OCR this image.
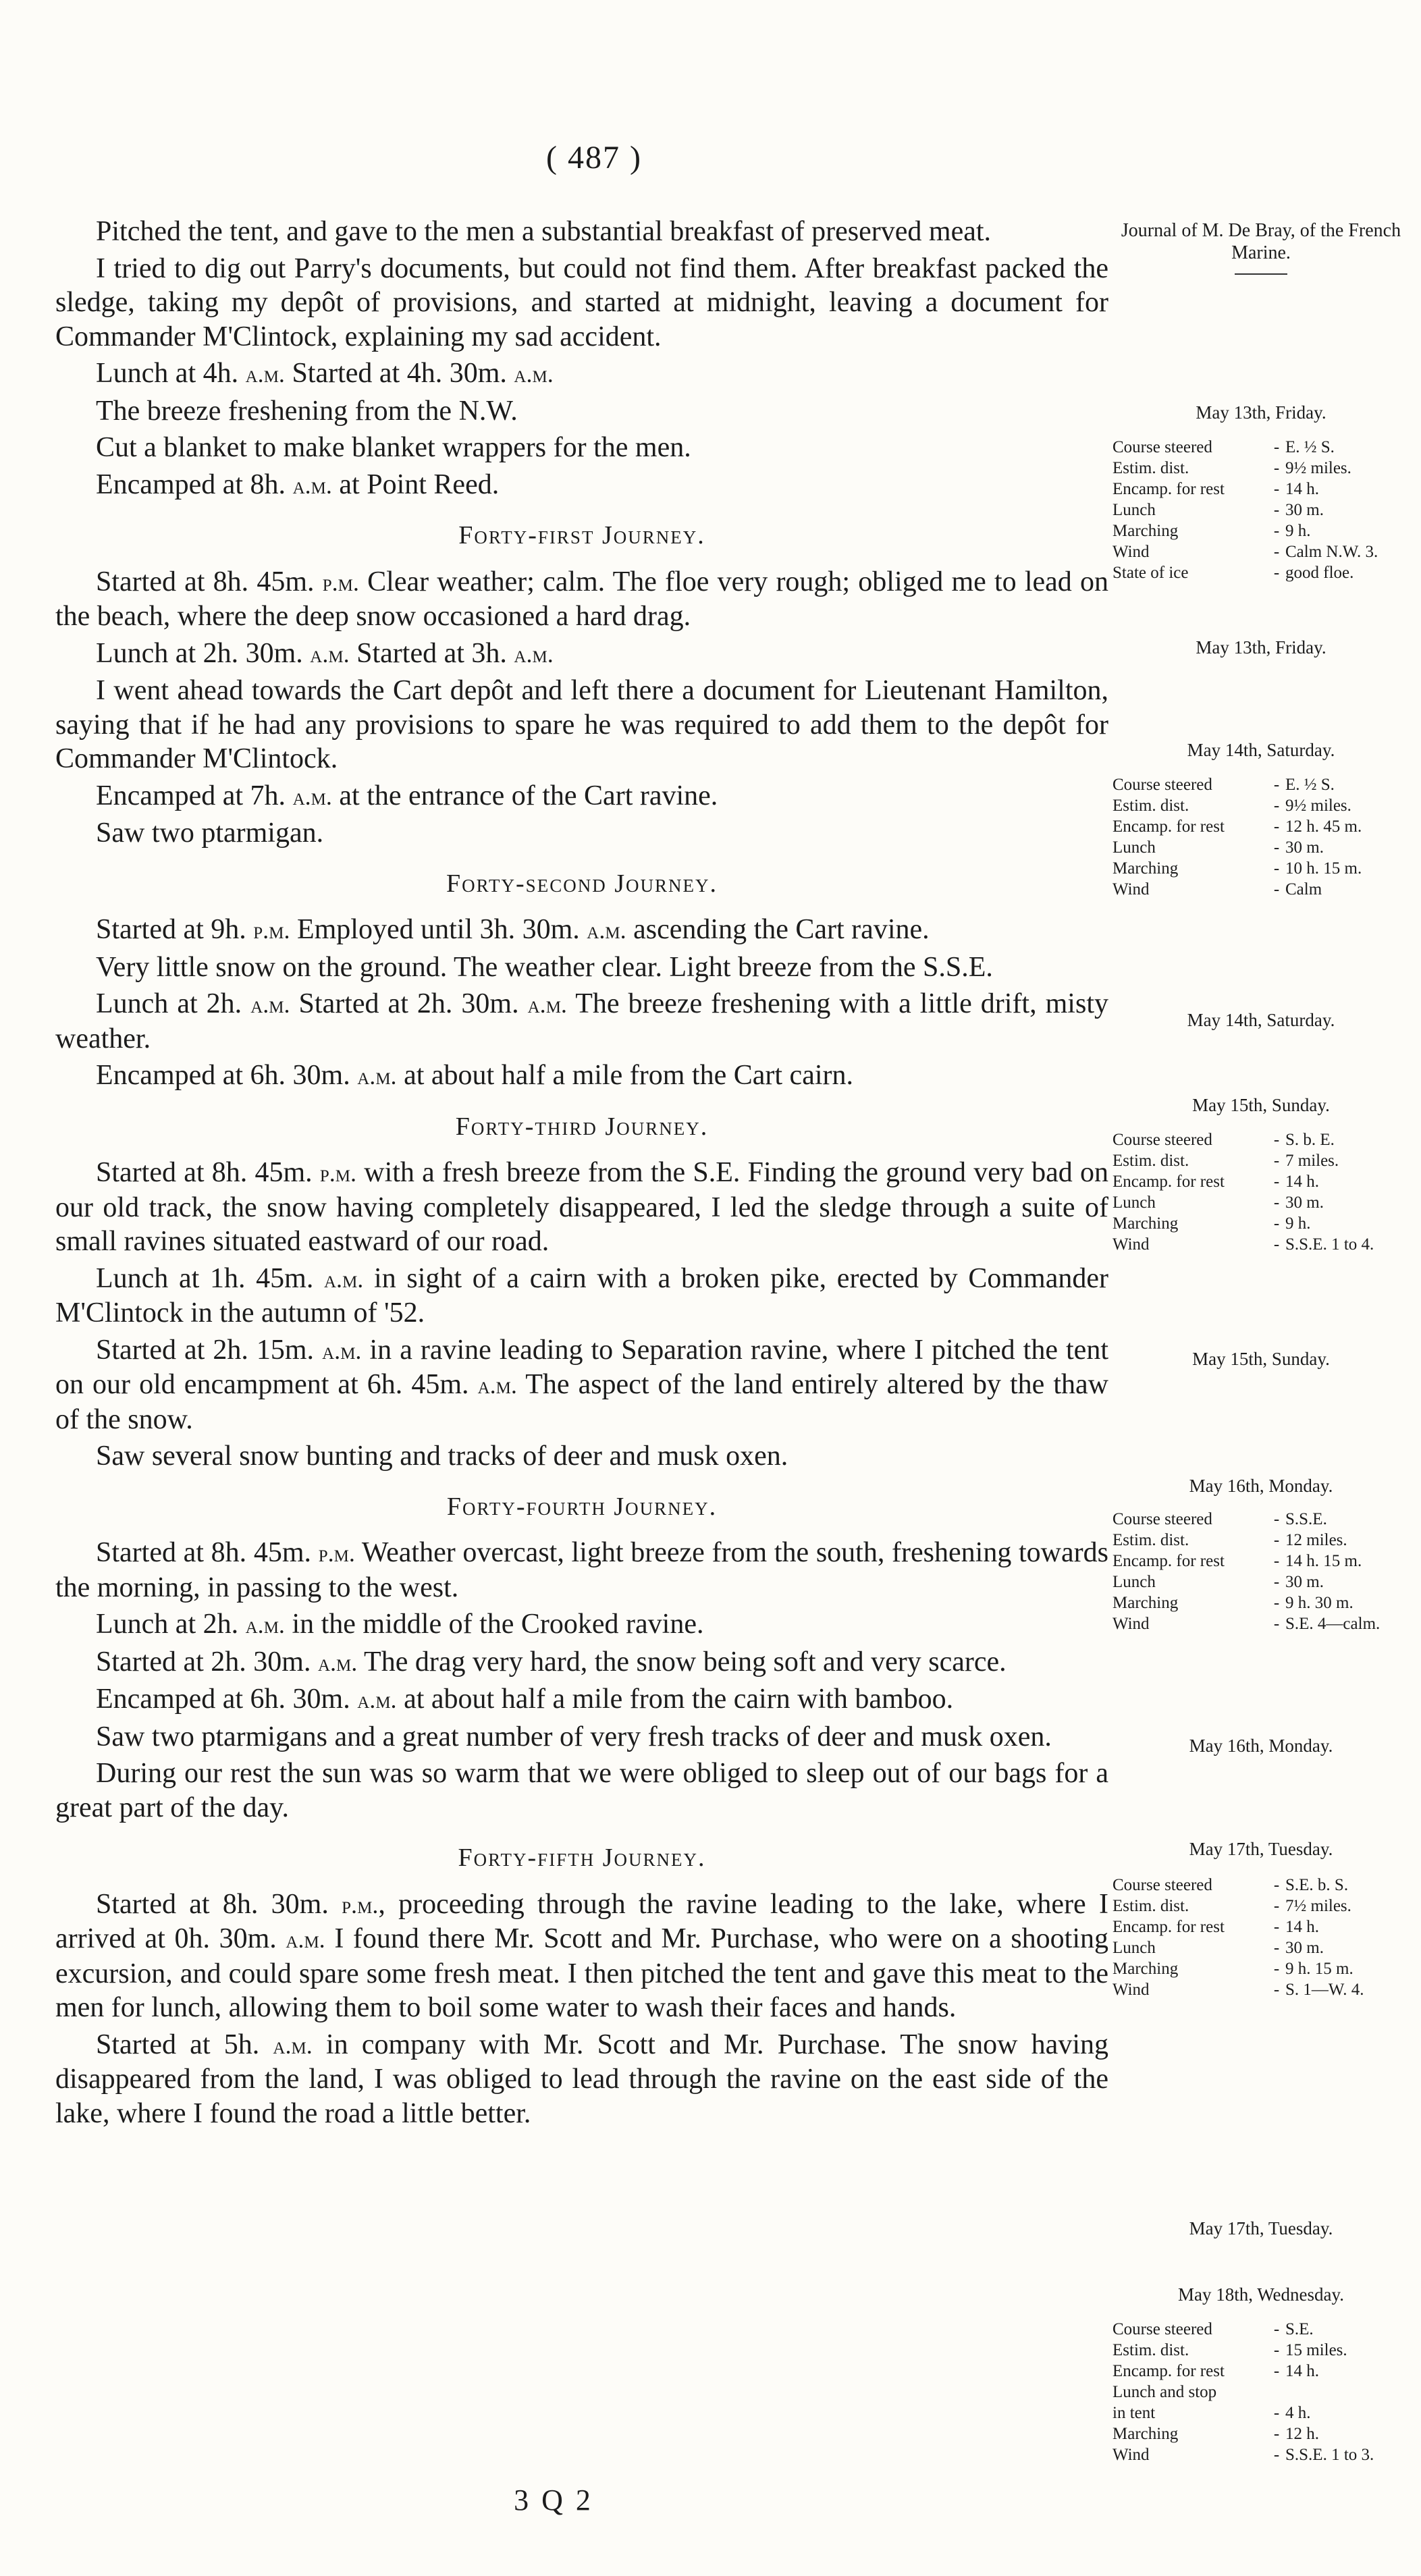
( 487 )

Pitched the tent, and gave to the men a substantial breakfast of preserved meat.

I tried to dig out Parry's documents, but could not find them. After breakfast packed the sledge, taking my depôt of provisions, and started at midnight, leaving a document for Commander M'Clintock, explaining my sad accident.

Lunch at 4h. a.m. Started at 4h. 30m. a.m.

The breeze freshening from the N.W.

Cut a blanket to make blanket wrappers for the men.

Encamped at 8h. a.m. at Point Reed.

Forty-first Journey.

Started at 8h. 45m. p.m. Clear weather; calm. The floe very rough; obliged me to lead on the beach, where the deep snow occasioned a hard drag.

Lunch at 2h. 30m. a.m. Started at 3h. a.m.

I went ahead towards the Cart depôt and left there a document for Lieutenant Hamilton, saying that if he had any provisions to spare he was required to add them to the depôt for Commander M'Clintock.

Encamped at 7h. a.m. at the entrance of the Cart ravine.

Saw two ptarmigan.

Forty-second Journey.

Started at 9h. p.m. Employed until 3h. 30m. a.m. ascending the Cart ravine.

Very little snow on the ground. The weather clear. Light breeze from the S.S.E.

Lunch at 2h. a.m. Started at 2h. 30m. a.m. The breeze freshening with a little drift, misty weather.

Encamped at 6h. 30m. a.m. at about half a mile from the Cart cairn.

Forty-third Journey.

Started at 8h. 45m. p.m. with a fresh breeze from the S.E. Finding the ground very bad on our old track, the snow having completely disappeared, I led the sledge through a suite of small ravines situated eastward of our road.

Lunch at 1h. 45m. a.m. in sight of a cairn with a broken pike, erected by Commander M'Clintock in the autumn of '52.

Started at 2h. 15m. a.m. in a ravine leading to Separation ravine, where I pitched the tent on our old encampment at 6h. 45m. a.m. The aspect of the land entirely altered by the thaw of the snow.

Saw several snow bunting and tracks of deer and musk oxen.

Forty-fourth Journey.

Started at 8h. 45m. p.m. Weather overcast, light breeze from the south, freshening towards the morning, in passing to the west.

Lunch at 2h. a.m. in the middle of the Crooked ravine.

Started at 2h. 30m. a.m. The drag very hard, the snow being soft and very scarce.

Encamped at 6h. 30m. a.m. at about half a mile from the cairn with bamboo.

Saw two ptarmigans and a great number of very fresh tracks of deer and musk oxen.

During our rest the sun was so warm that we were obliged to sleep out of our bags for a great part of the day.

Forty-fifth Journey.

Started at 8h. 30m. p.m., proceeding through the ravine leading to the lake, where I arrived at 0h. 30m. a.m. I found there Mr. Scott and Mr. Purchase, who were on a shooting excursion, and could spare some fresh meat. I then pitched the tent and gave this meat to the men for lunch, allowing them to boil some water to wash their faces and hands.

Started at 5h. a.m. in company with Mr. Scott and Mr. Purchase. The snow having disappeared from the land, I was obliged to lead through the ravine on the east side of the lake, where I found the road a little better.

Journal of M. De Bray, of the French Marine.

May 13th, Friday.
May 13th, Friday.
May 14th, Saturday.
May 14th, Saturday.
May 15th, Sunday.
May 15th, Sunday.
May 16th, Monday.
May 16th, Monday.
May 17th, Tuesday.
May 17th, Tuesday.
May 18th, Wednesday.
Course steered	-	E. ½ S.
Estim. dist.	-	9½ miles.
Encamp. for rest	-	14 h.
Lunch	-	30 m.
Marching	-	9 h.
Wind	-	Calm N.W. 3.
State of ice	-	good floe.
Course steered	-	E. ½ S.
Estim. dist.	-	9½ miles.
Encamp. for rest	-	12 h. 45 m.
Lunch	-	30 m.
Marching	-	10 h. 15 m.
Wind	-	Calm
Course steered	-	S. b. E.
Estim. dist.	-	7 miles.
Encamp. for rest	-	14 h.
Lunch	-	30 m.
Marching	-	9 h.
Wind	-	S.S.E. 1 to 4.
Course steered	-	S.S.E.
Estim. dist.	-	12 miles.
Encamp. for rest	-	14 h. 15 m.
Lunch	-	30 m.
Marching	-	9 h. 30 m.
Wind	-	S.E. 4—calm.
Course steered	-	S.E. b. S.
Estim. dist.	-	7½ miles.
Encamp. for rest	-	14 h.
Lunch	-	30 m.
Marching	-	9 h. 15 m.
Wind	-	S. 1—W. 4.
Course steered	-	S.E.
Estim. dist.	-	15 miles.
Encamp. for rest	-	14 h.
Lunch and stop		
in tent	-	4 h.
Marching	-	12 h.
Wind	-	S.S.E. 1 to 3.
3 Q 2
